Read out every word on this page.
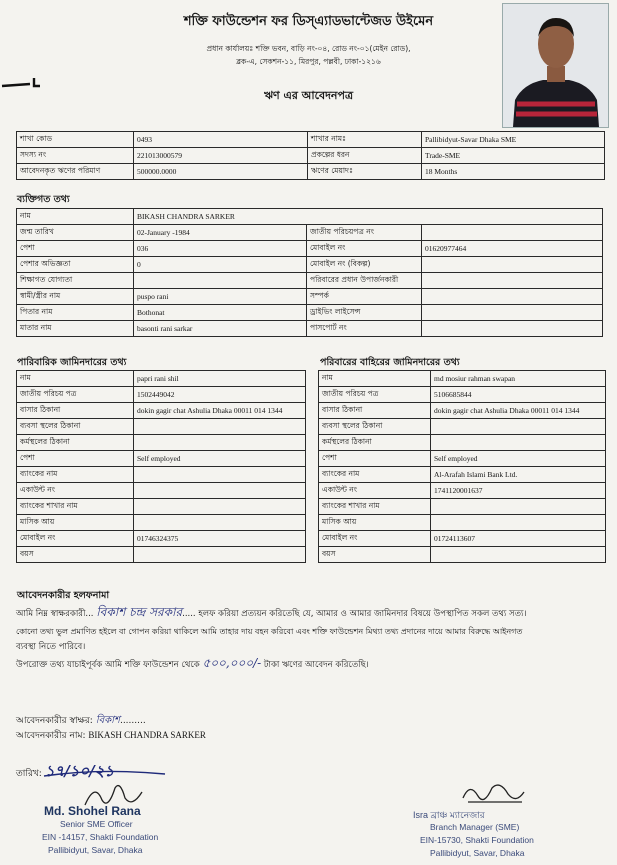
শক্তি ফাউন্ডেশন ফর ডিস্‌এ্যাডভান্টেজড উইমেন
প্রধান কার্যালয়ঃ শক্তি ভবন, বাড়ি নং-০৪, রোড নং-০১(মেইন রোড),
ব্লক-এ, সেকশন-১১, মিরপুর, পল্লবী, ঢাকা-১২১৬
ঋণ এর আবেদনপত্র
শাখা কোড	0493	শাখার নামঃ	Pallibidyut-Savar Dhaka SME
সদস্য নং	221013000579	প্রকল্পের ধরন	Trade-SME
আবেদনকৃত ঋণের পরিমাণ	500000.0000	ঋণের মেয়াদঃ	18 Months
ব্যক্তিগত তথ্য
নাম	BIKASH CHANDRA SARKER		
জন্ম তারিখ	02-January -1984	জাতীয় পরিচয়পত্র নং	
পেশা	036	মোবাইল নং	01620977464
পেশার অভিজ্ঞতা	0	মোবাইল নং (বিকল্প)	
শিক্ষাগত যোগ্যতা		পরিবারের প্রধান উপার্জনকারী	
স্বামী/স্ত্রীর নাম	puspo rani	সম্পর্ক	
পিতার নাম	Bothonat	ড্রাইভিং লাইসেন্স	
মাতার নাম	basonti rani sarkar	পাসপোর্ট নং	
পারিবারিক জামিনদারের তথ্য	পরিবারের বাহিরের জামিনদারের তথ্য
নাম	papri rani shil
জাতীয় পরিচয় পত্র	1502449042
বাসার ঠিকানা	dokin gagir chat Ashulia Dhaka 00011 014 1344
ব্যবসা স্থলের ঠিকানা	
কর্মস্থলের ঠিকানা	
পেশা	Self employed
ব্যাংকের নাম	
একাউন্ট নং	
ব্যাংকের শাখার নাম	
মাসিক আয়	
মোবাইল নং	01746324375
বয়স	
নাম	md mosiur rahman swapan
জাতীয় পরিচয় পত্র	5106685844
বাসার ঠিকানা	dokin gagir chat Ashulia Dhaka 00011 014 1344
ব্যবসা স্থলের ঠিকানা	
কর্মস্থলের ঠিকানা	
পেশা	Self employed
ব্যাংকের নাম	Al-Arafah Islami Bank Ltd.
একাউন্ট নং	1741120001637
ব্যাংকের শাখার নাম	
মাসিক আয়	
মোবাইল নং	01724113607
বয়স	
আবেদনকারীর হলফনামা
আমি নিম্ন স্বাক্ষরকারী... বিকাশ চন্দ্র সরকার..... হলফ করিয়া প্রত্যয়ন করিতেছি যে, আমার ও আমার জামিনদার বিষয়ে উপস্থাপিত সকল তথ্য সত্য।
কোনো তথ্য ভুল প্রমাণিত হইলে বা গোপন করিয়া থাকিলে আমি তাহার দায় বহন করিবো এবং শক্তি ফাউন্ডেশন মিথ্যা তথ্য প্রদানের দায়ে আমার বিরুদ্ধে আইনগত
ব্যবস্থা নিতে পারিবে।
উপরোক্ত তথ্য যাচাইপূর্বক আমি শক্তি ফাউন্ডেশন থেকে ৫০০,০০০/- টাকা ঋণের আবেদন করিতেছি।
আবেদনকারীর স্বাক্ষর: বিকাশ.........
আবেদনকারীর নাম: BIKASH CHANDRA SARKER
তারিখ: ১৭/১০/২১
Md. Shohel Rana
Senior SME Officer
EIN -14157, Shakti Foundation
Pallibidyut, Savar, Dhaka
Isra ব্রাঞ্চ ম্যানেজার
Branch Manager (SME)
EIN-15730, Shakti Foundation
Pallibidyut, Savar, Dhaka
